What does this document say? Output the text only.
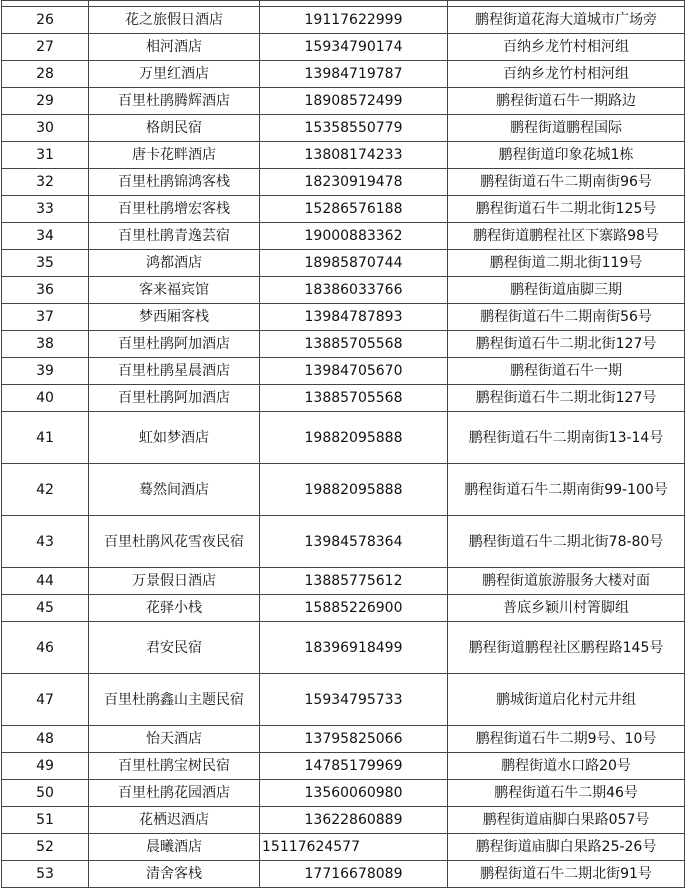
26	花之旅假日酒店	19117622999	鹏程街道花海大道城市广场旁
27	相河酒店	15934790174	百纳乡龙竹村相河组
28	万里红酒店	13984719787	百纳乡龙竹村相河组
29	百里杜鹃腾辉酒店	18908572499	鹏程街道石牛一期路边
30	格朗民宿	15358550779	鹏程街道鹏程国际
31	唐卡花畔酒店	13808174233	鹏程街道印象花城1栋
32	百里杜鹃锦鸿客栈	18230919478	鹏程街道石牛二期南街96号
33	百里杜鹃增宏客栈	15286576188	鹏程街道石牛二期北街125号
34	百里杜鹃青逸芸宿	19000883362	鹏程街道鹏程社区下寨路98号
35	鸿都酒店	18985870744	鹏程街道二期北街119号
36	客来福宾馆	18386033766	鹏程街道庙脚三期
37	梦西厢客栈	13984787893	鹏程街道石牛二期南街56号
38	百里杜鹃阿加酒店	13885705568	鹏程街道石牛二期北街127号
39	百里杜鹃星晨酒店	13984705670	鹏程街道石牛一期
40	百里杜鹃阿加酒店	13885705568	鹏程街道石牛二期北街127号
41	虹如梦酒店	19882095888	鹏程街道石牛二期南街13-14号
42	蓦然间酒店	19882095888	鹏程街道石牛二期南街99-100号
43	百里杜鹃风花雪夜民宿	13984578364	鹏程街道石牛二期北街78-80号
44	万景假日酒店	13885775612	鹏程街道旅游服务大楼对面
45	花驿小栈	15885226900	普底乡颖川村箐脚组
46	君安民宿	18396918499	鹏程街道鹏程社区鹏程路145号
47	百里杜鹃鑫山主题民宿	15934795733	鹏城街道启化村元井组
48	怡天酒店	13795825066	鹏程街道石牛二期9号、10号
49	百里杜鹃宝树民宿	14785179969	鹏程街道水口路20号
50	百里杜鹃花园酒店	13560060980	鹏程街道石牛二期46号
51	花栖迟酒店	13622860889	鹏程街道庙脚白果路057号
52	晨曦酒店	15117624577	鹏程街道庙脚白果路25-26号
53	清舍客栈	17716678089	鹏程街道石牛二期北街91号
